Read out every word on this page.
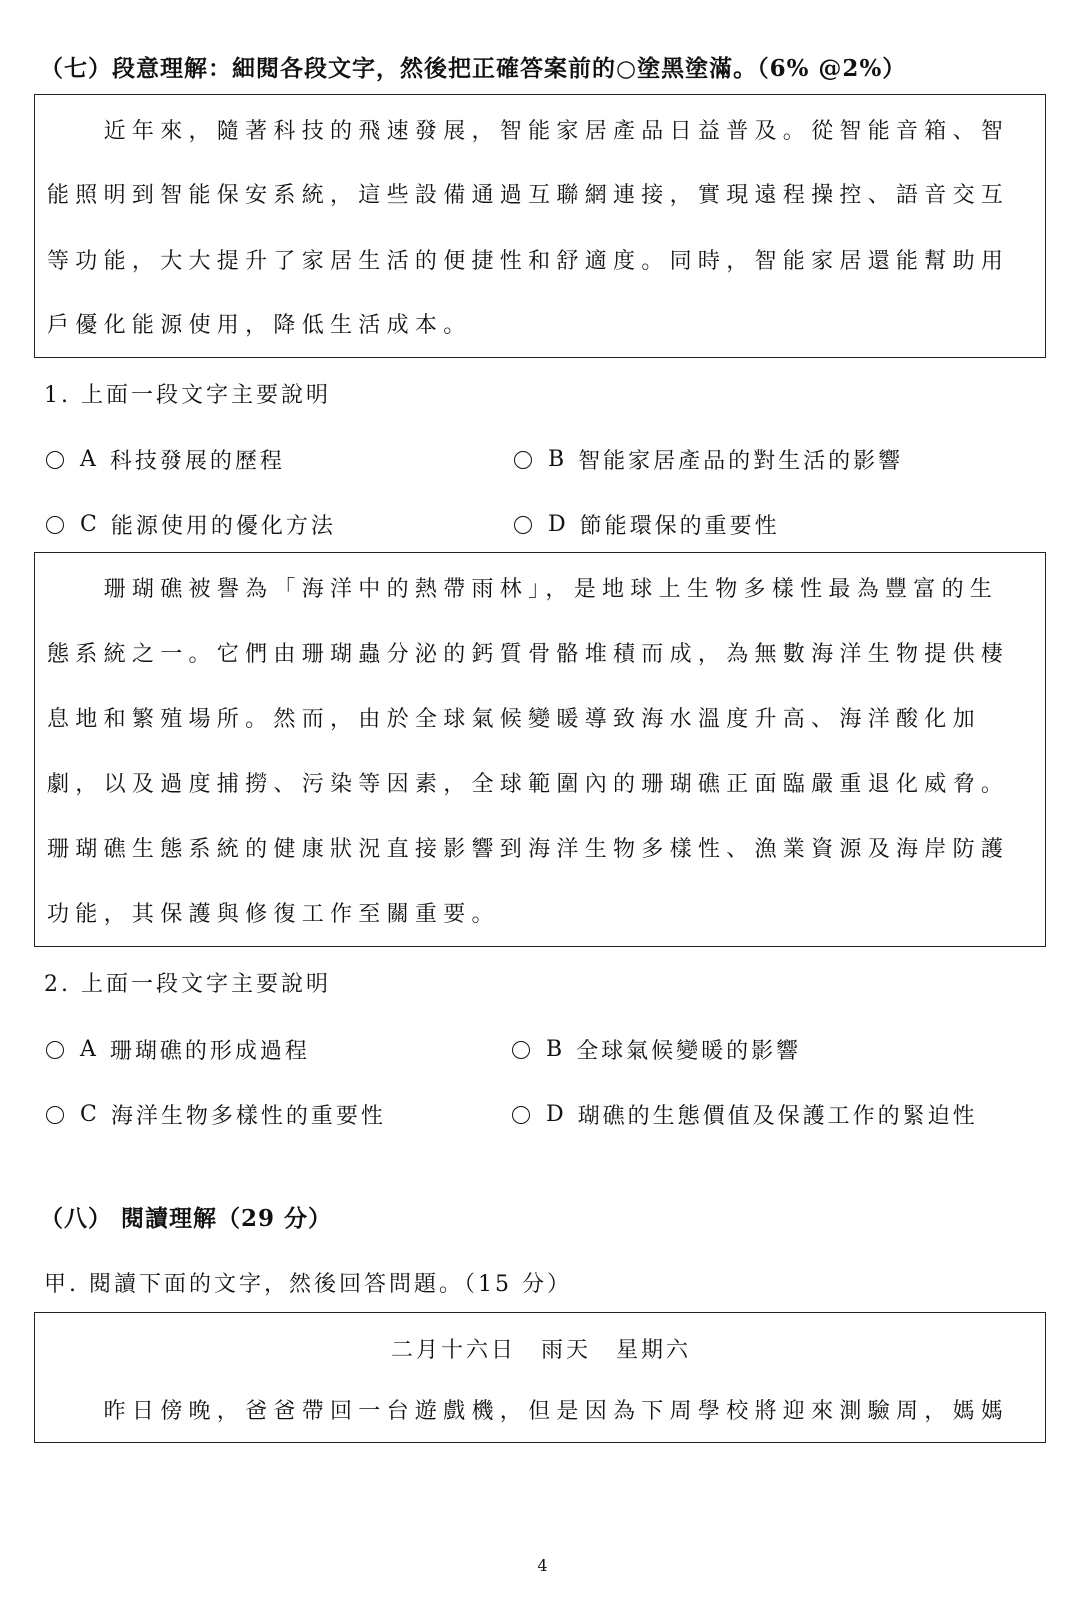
（七）段意理解：細閱各段文字，然後把正確答案前的○塗黑塗滿。（6% @2%）
　　近年來，隨著科技的飛速發展，智能家居產品日益普及。從智能音箱、智
能照明到智能保安系統，這些設備通過互聯網連接，實現遠程操控、語音交互
等功能，大大提升了家居生活的便捷性和舒適度。同時，智能家居還能幫助用
戶優化能源使用，降低生活成本。
1. 上面一段文字主要說明
A 科技發展的歷程	B 智能家居產品的對生活的影響
C 能源使用的優化方法	D 節能環保的重要性
　　珊瑚礁被譽為「海洋中的熱帶雨林」，是地球上生物多樣性最為豐富的生
態系統之一。它們由珊瑚蟲分泌的鈣質骨骼堆積而成，為無數海洋生物提供棲
息地和繁殖場所。然而，由於全球氣候變暖導致海水溫度升高、海洋酸化加
劇，以及過度捕撈、污染等因素，全球範圍內的珊瑚礁正面臨嚴重退化威脅。
珊瑚礁生態系統的健康狀況直接影響到海洋生物多樣性、漁業資源及海岸防護
功能，其保護與修復工作至關重要。
2. 上面一段文字主要說明
A 珊瑚礁的形成過程	B 全球氣候變暖的影響
C 海洋生物多樣性的重要性	D 瑚礁的生態價值及保護工作的緊迫性
（八） 閱讀理解（29 分）
甲. 閱讀下面的文字，然後回答問題。（15 分）
二月十六日　雨天　星期六
　　昨日傍晚，爸爸帶回一台遊戲機，但是因為下周學校將迎來測驗周，媽媽
4
